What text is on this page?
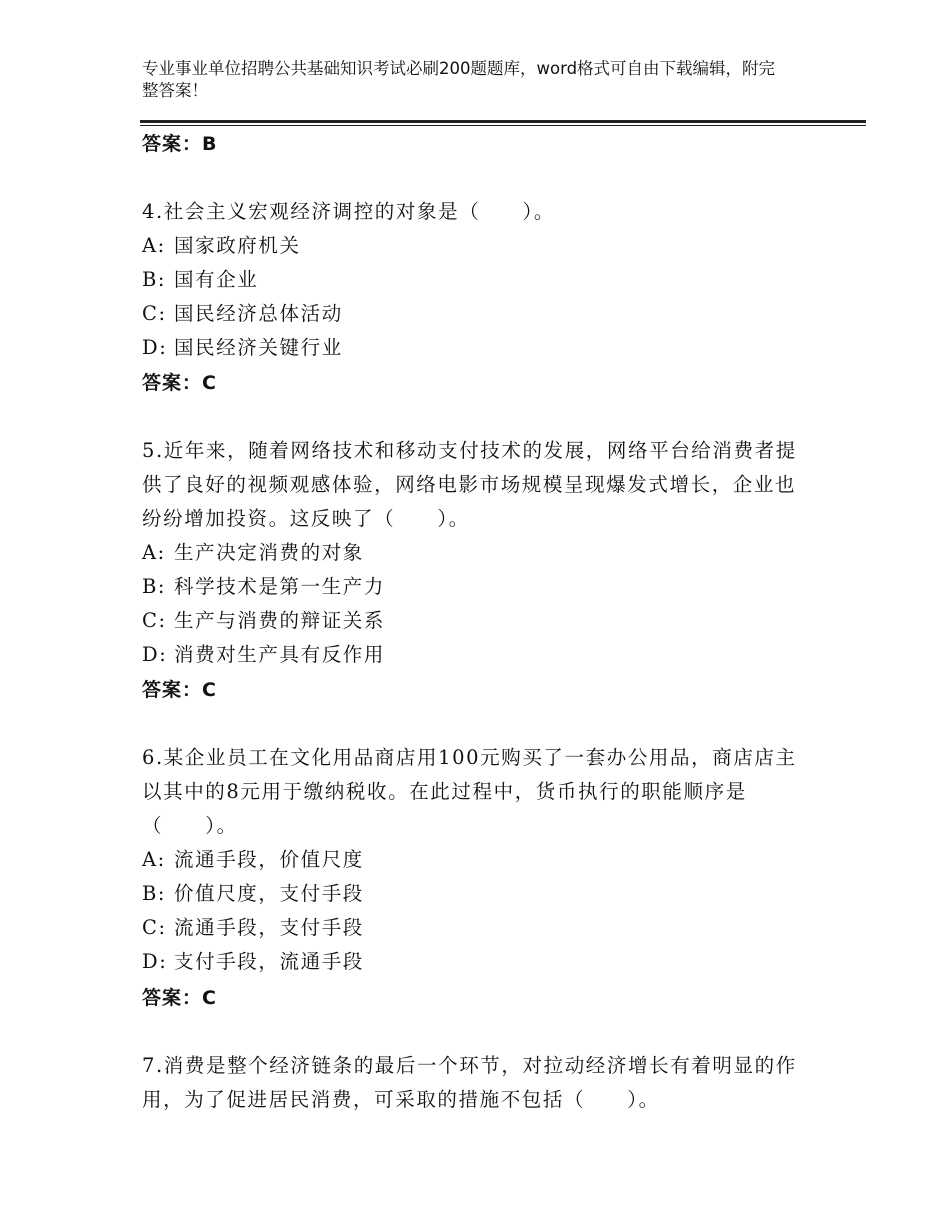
专业事业单位招聘公共基础知识考试必刷200题题库，word格式可自由下载编辑，附完整答案！
答案：B

4.社会主义宏观经济调控的对象是（　　）。

A: 国家政府机关

B: 国有企业

C: 国民经济总体活动

D: 国民经济关键行业

答案：C

5.近年来，随着网络技术和移动支付技术的发展，网络平台给消费者提供了良好的视频观感体验，网络电影市场规模呈现爆发式增长，企业也纷纷增加投资。这反映了（　　）。

A: 生产决定消费的对象

B: 科学技术是第一生产力

C: 生产与消费的辩证关系

D: 消费对生产具有反作用

答案：C

6.某企业员工在文化用品商店用100元购买了一套办公用品，商店店主以其中的8元用于缴纳税收。在此过程中，货币执行的职能顺序是（　　）。

A: 流通手段，价值尺度

B: 价值尺度，支付手段

C: 流通手段，支付手段

D: 支付手段，流通手段

答案：C

7.消费是整个经济链条的最后一个环节，对拉动经济增长有着明显的作用，为了促进居民消费，可采取的措施不包括（　　）。
